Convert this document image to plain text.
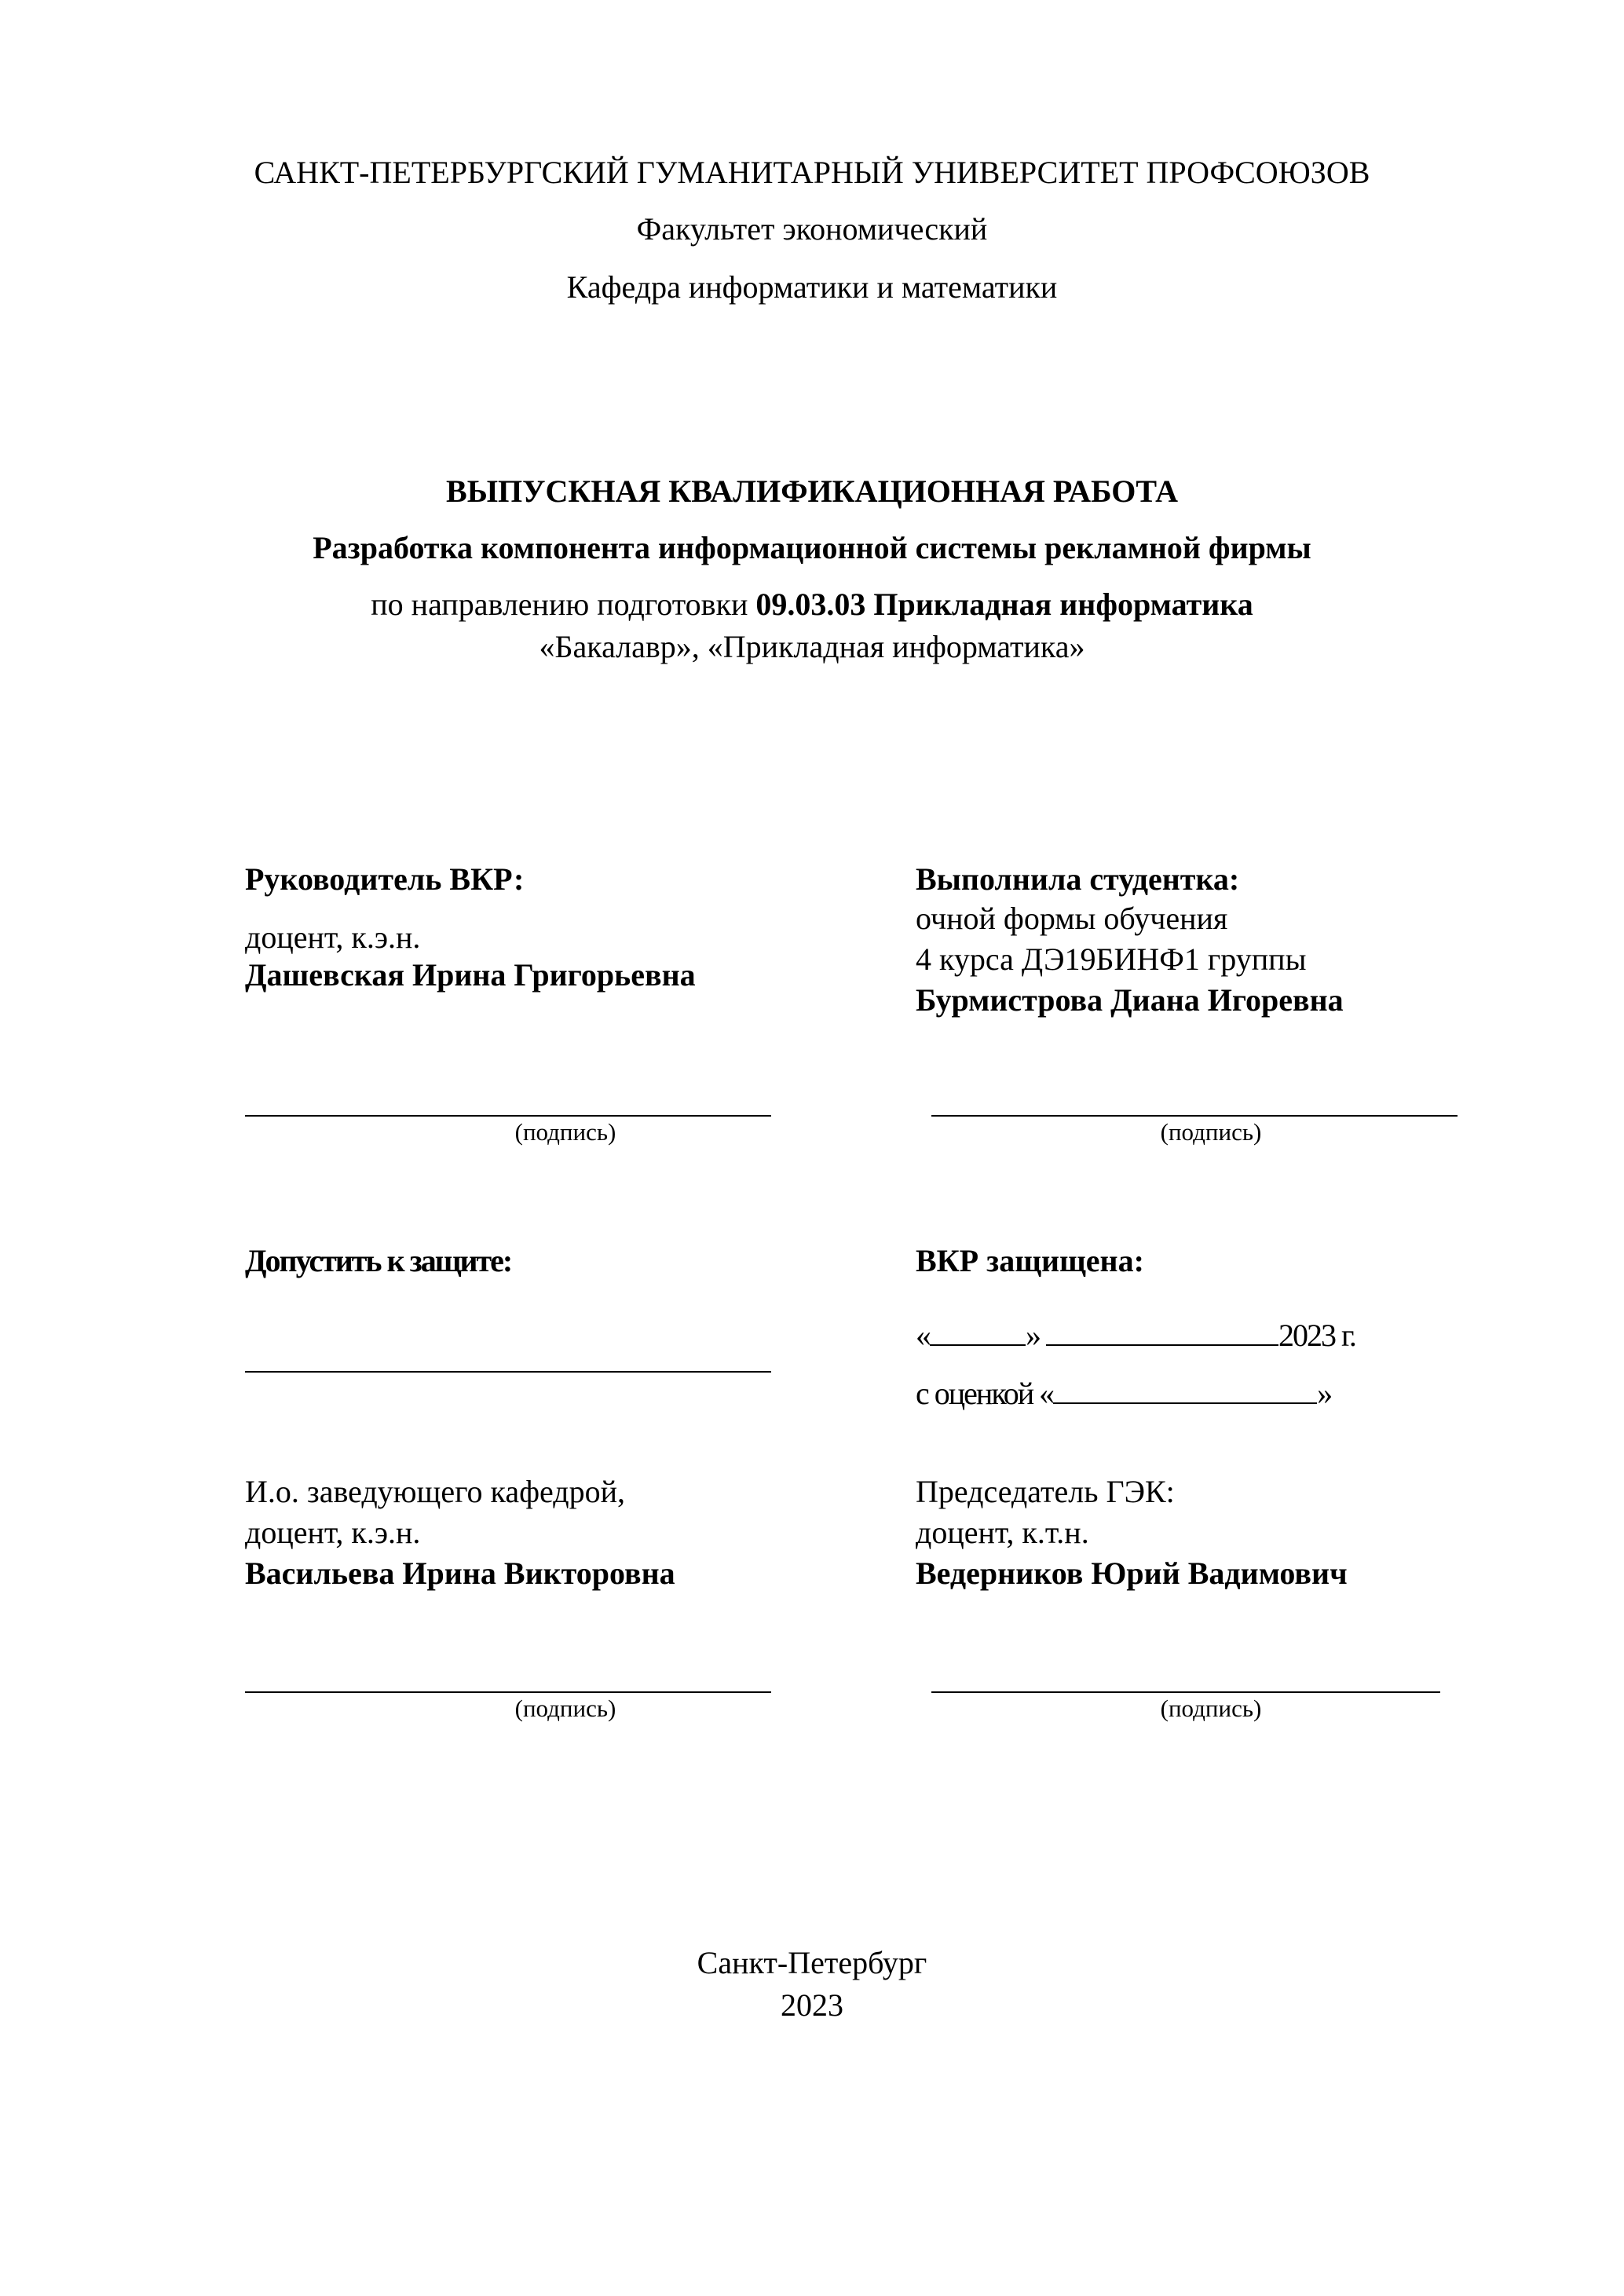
САНКТ-ПЕТЕРБУРГСКИЙ ГУМАНИТАРНЫЙ УНИВЕРСИТЕТ ПРОФСОЮЗОВ
Факультет экономический
Кафедра информатики и математики
ВЫПУСКНАЯ КВАЛИФИКАЦИОННАЯ РАБОТА
Разработка компонента информационной системы рекламной фирмы
по направлению подготовки 09.03.03 Прикладная информатика
«Бакалавр», «Прикладная информатика»
Руководитель ВКР:
доцент, к.э.н.
Дашевская Ирина Григорьевна
(подпись)
Выполнила студентка:
очной формы обучения
4 курса ДЭ19БИНФ1 группы
Бурмистрова Диана Игоревна
(подпись)
Допустить к защите:	ВКР защищена:
«	»	2023 г.
с оценкой «	»
И.о. заведующего кафедрой,
доцент, к.э.н.
Васильева Ирина Викторовна
(подпись)
Председатель ГЭК:
доцент, к.т.н.
Ведерников Юрий Вадимович
(подпись)
Санкт-Петербург
2023
